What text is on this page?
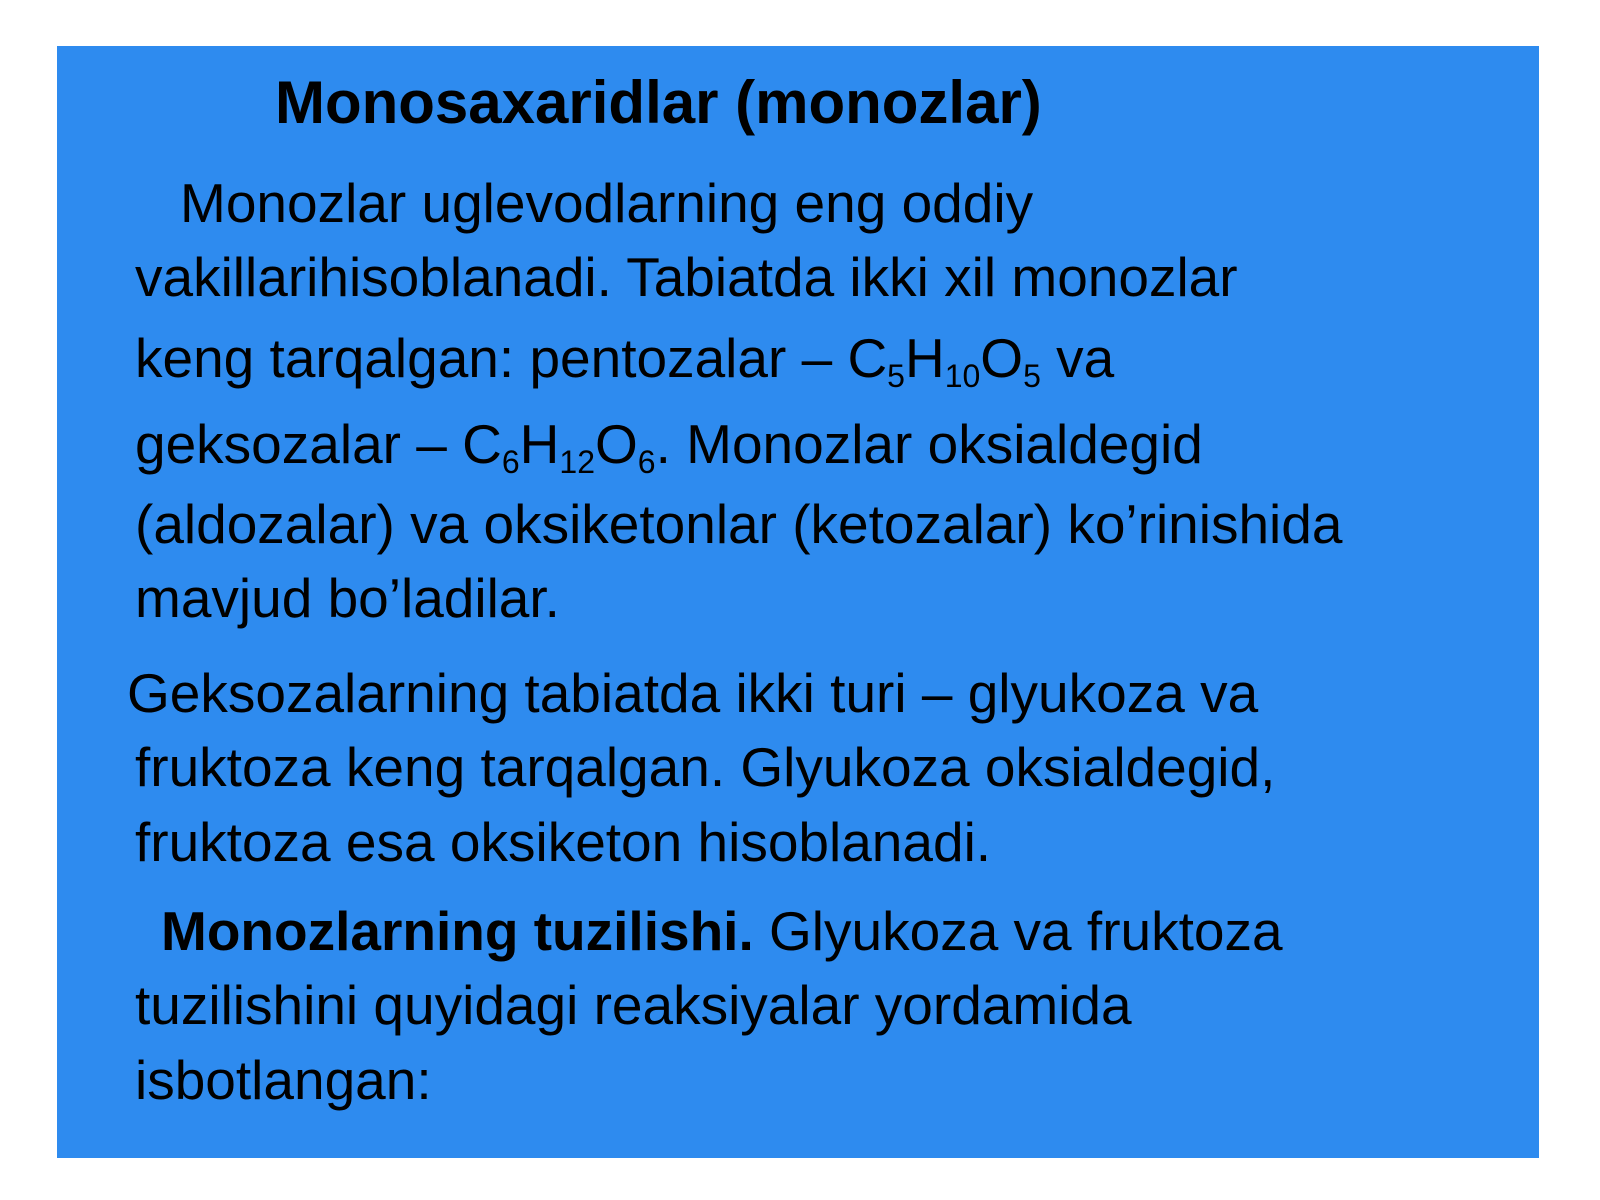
Monosaxaridlar (monozlar)

Monozlar uglevodlarning eng oddiy
vakillarihisoblanadi. Tabiatda ikki xil monozlar
keng tarqalgan: pentozalar – $C_5H_{10}O_5$ va
geksozalar – $C_6H_{12}O_6$. Monozlar oksialdegid
(aldozalar) va oksiketonlar (ketozalar) ko’rinishida
mavjud bo’ladilar.

Geksozalarning tabiatda ikki turi – glyukoza va
fruktoza keng tarqalgan. Glyukoza oksialdegid,
fruktoza esa oksiketon hisoblanadi.

Monozlarning tuzilishi. Glyukoza va fruktoza
tuzilishini quyidagi reaksiyalar yordamida
isbotlangan:
